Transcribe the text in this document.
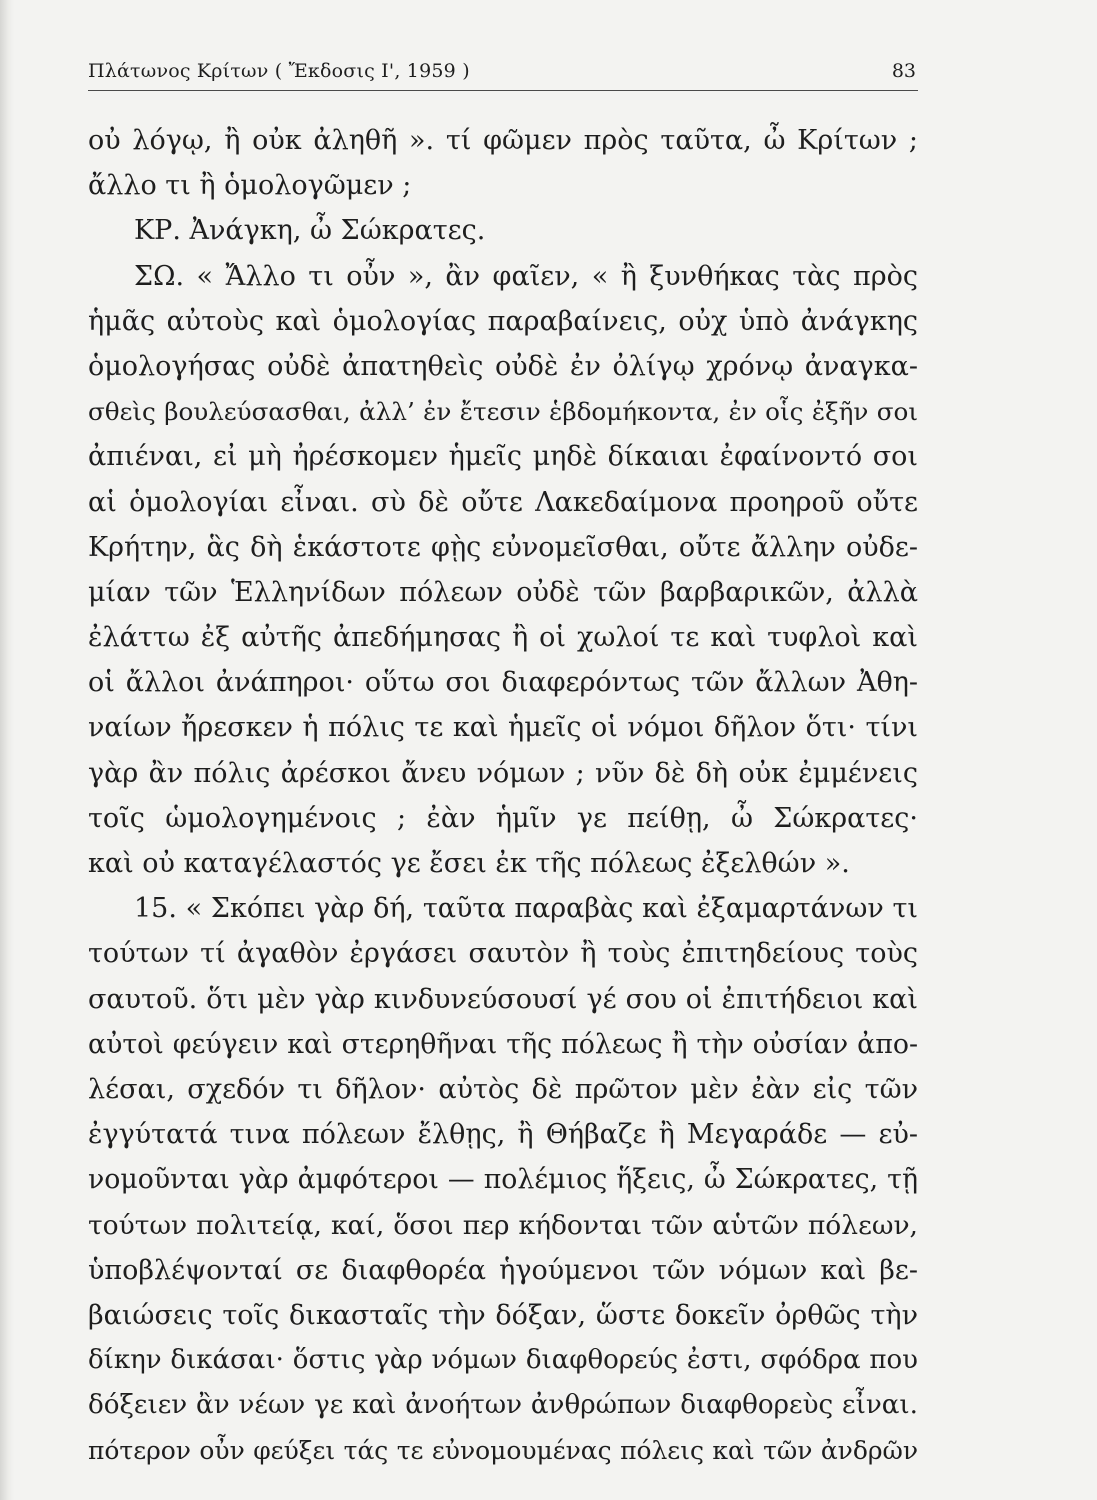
Πλάτωνος Κρίτων ( Ἔκδοσις Ι', 1959 )	83
οὐ λόγῳ, ἢ οὐκ ἀληθῆ ». τί φῶμεν πρὸς ταῦτα, ὦ Κρίτων ;
ἄλλο τι ἢ ὁμολογῶμεν ;
ΚΡ. Ἀνάγκη, ὦ Σώκρατες.
ΣΩ. « Ἄλλο τι οὖν », ἂν φαῖεν, « ἢ ξυνθήκας τὰς πρὸς
ἡμᾶς αὐτοὺς καὶ ὁμολογίας παραβαίνεις, οὐχ ὑπὸ ἀνάγκης
ὁμολογήσας οὐδὲ ἀπατηθεὶς οὐδὲ ἐν ὀλίγῳ χρόνῳ ἀναγκα-
σθεὶς βουλεύσασθαι, ἀλλ’ ἐν ἔτεσιν ἑβδομήκοντα, ἐν οἷς ἐξῆν σοι
ἀπιέναι, εἰ μὴ ἠρέσκομεν ἡμεῖς μηδὲ δίκαιαι ἐφαίνοντό σοι
αἱ ὁμολογίαι εἶναι. σὺ δὲ οὔτε Λακεδαίμονα προηροῦ οὔτε
Κρήτην, ἃς δὴ ἑκάστοτε φῂς εὐνομεῖσθαι, οὔτε ἄλλην οὐδε-
μίαν τῶν Ἑλληνίδων πόλεων οὐδὲ τῶν βαρβαρικῶν, ἀλλὰ
ἐλάττω ἐξ αὐτῆς ἀπεδήμησας ἢ οἱ χωλοί τε καὶ τυφλοὶ καὶ
οἱ ἄλλοι ἀνάπηροι· οὕτω σοι διαφερόντως τῶν ἄλλων Ἀθη-
ναίων ἤρεσκεν ἡ πόλις τε καὶ ἡμεῖς οἱ νόμοι δῆλον ὅτι· τίνι
γὰρ ἂν πόλις ἀρέσκοι ἄνευ νόμων ; νῦν δὲ δὴ οὐκ ἐμμένεις
τοῖς ὡμολογημένοις ; ἐὰν ἡμῖν γε πείθῃ, ὦ Σώκρατες·
καὶ οὐ καταγέλαστός γε ἔσει ἐκ τῆς πόλεως ἐξελθών ».
15. « Σκόπει γὰρ δή, ταῦτα παραβὰς καὶ ἐξαμαρτάνων τι
τούτων τί ἀγαθὸν ἐργάσει σαυτὸν ἢ τοὺς ἐπιτηδείους τοὺς
σαυτοῦ. ὅτι μὲν γὰρ κινδυνεύσουσί γέ σου οἱ ἐπιτήδειοι καὶ
αὐτοὶ φεύγειν καὶ στερηθῆναι τῆς πόλεως ἢ τὴν οὐσίαν ἀπο-
λέσαι, σχεδόν τι δῆλον· αὐτὸς δὲ πρῶτον μὲν ἐὰν εἰς τῶν
ἐγγύτατά τινα πόλεων ἔλθῃς, ἢ Θήβαζε ἢ Μεγαράδε — εὐ-
νομοῦνται γὰρ ἀμφότεροι — πολέμιος ἥξεις, ὦ Σώκρατες, τῇ
τούτων πολιτείᾳ, καί, ὅσοι περ κήδονται τῶν αὑτῶν πόλεων,
ὑποβλέψονταί σε διαφθορέα ἡγούμενοι τῶν νόμων καὶ βε-
βαιώσεις τοῖς δικασταῖς τὴν δόξαν, ὥστε δοκεῖν ὀρθῶς τὴν
δίκην δικάσαι· ὅστις γὰρ νόμων διαφθορεύς ἐστι, σφόδρα που
δόξειεν ἂν νέων γε καὶ ἀνοήτων ἀνθρώπων διαφθορεὺς εἶναι.
πότερον οὖν φεύξει τάς τε εὐνομουμένας πόλεις καὶ τῶν ἀνδρῶν
